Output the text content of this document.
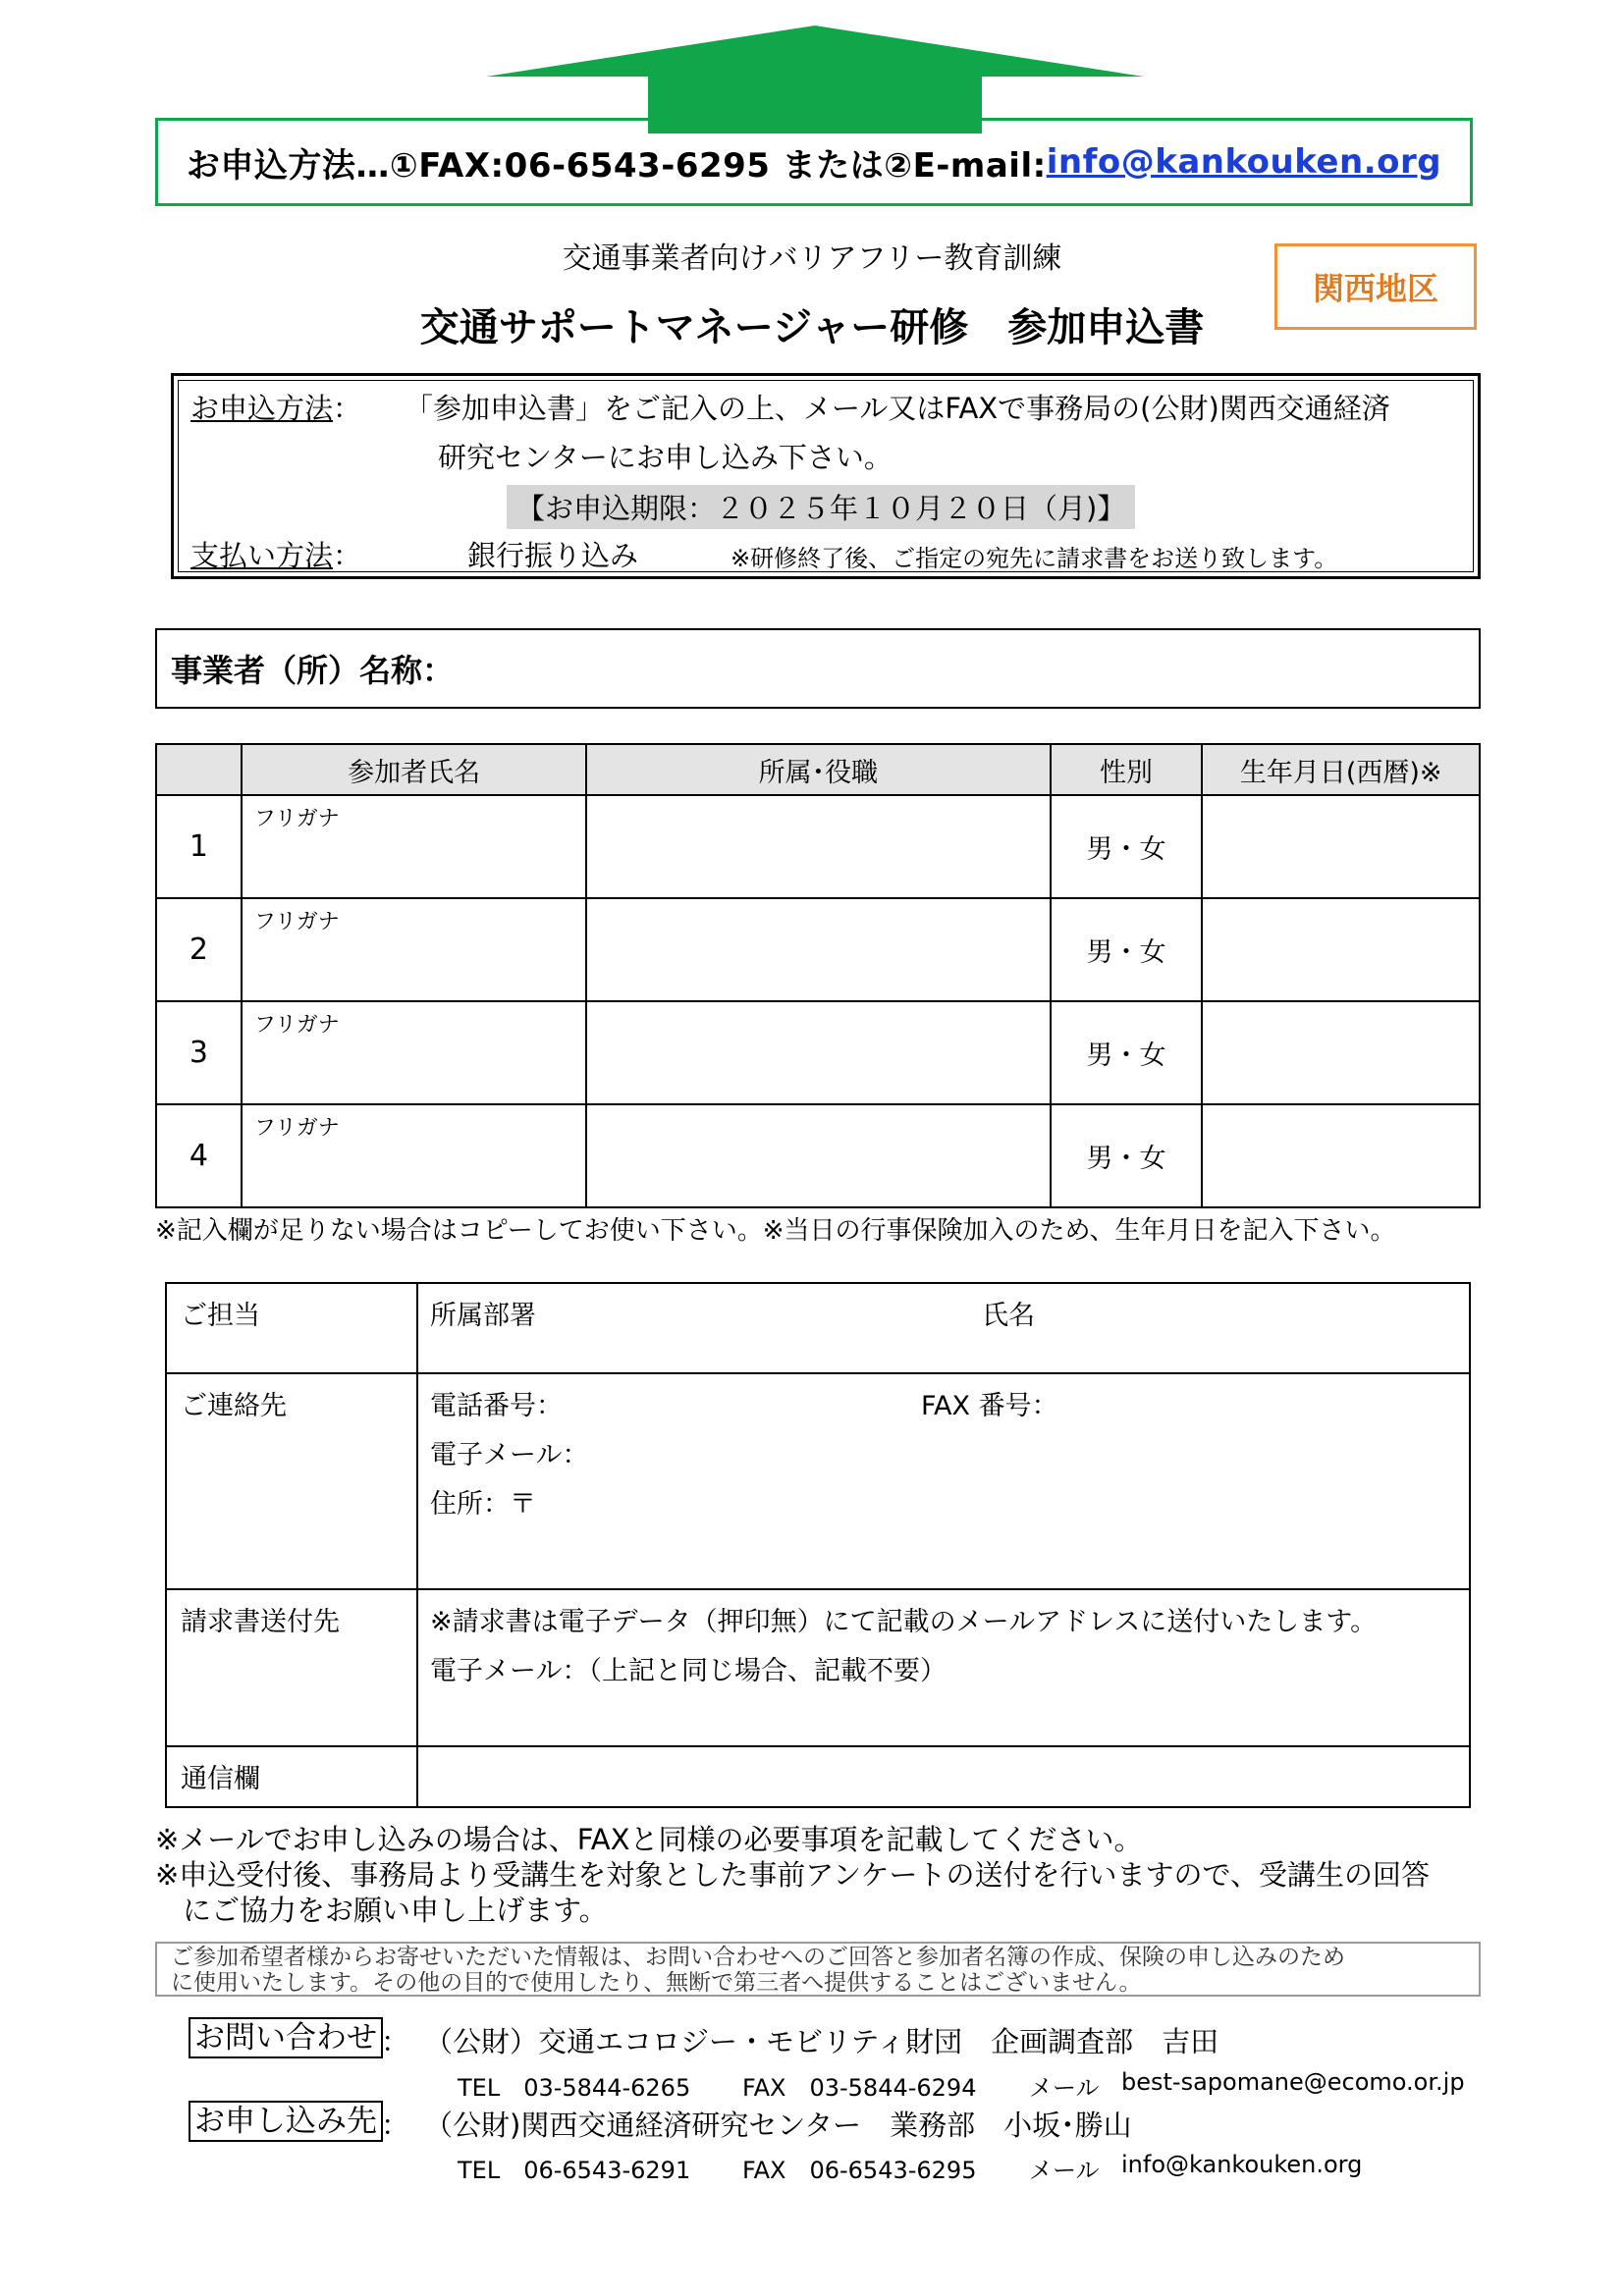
お申込方法…①FAX:06-6543-6295 または②E-mail: info@kankouken.org
交通事業者向けバリアフリー教育訓練
交通サポートマネージャー研修　参加申込書
関西地区
お申込方法： 「参加申込書」をご記入の上、メール又はFAXで事務局の(公財)関西交通経済
研究センターにお申し込み下さい。
【お申込期限：２０２５年１０月２０日（月)】
支払い方法：	銀行振り込み	※研修終了後、ご指定の宛先に請求書をお送り致します。
事業者（所）名称：
	参加者氏名	所属･役職	性別	生年月日(西暦)※
1	フリガナ		男・女	
2	フリガナ		男・女	
3	フリガナ		男・女	
4	フリガナ		男・女	
※記入欄が足りない場合はコピーしてお使い下さい。※当日の行事保険加入のため、生年月日を記入下さい。
ご担当	所属部署 氏名

ご連絡先	電話番号： FAX 番号：
電子メール：
住所：〒

請求書送付先	※請求書は電子データ（押印無）にて記載のメールアドレスに送付いたします。
電子メール：（上記と同じ場合、記載不要）

通信欄	
※メールでお申し込みの場合は、FAXと同様の必要事項を記載してください。
※申込受付後、事務局より受講生を対象とした事前アンケートの送付を行いますので、受講生の回答
にご協力をお願い申し上げます。
ご参加希望者様からお寄せいただいた情報は、お問い合わせへのご回答と参加者名簿の作成、保険の申し込みのため
に使用いたします。その他の目的で使用したり、無断で第三者へ提供することはございません。
お問い合わせ ： （公財）交通エコロジー・モビリティ財団　企画調査部　吉田
TEL　03-5844-6265 FAX　03-5844-6294 メール best-sapomane@ecomo.or.jp
お申し込み先 ： （公財)関西交通経済研究センター　業務部　小坂･勝山
TEL　06-6543-6291 FAX　06-6543-6295 メール info@kankouken.org
